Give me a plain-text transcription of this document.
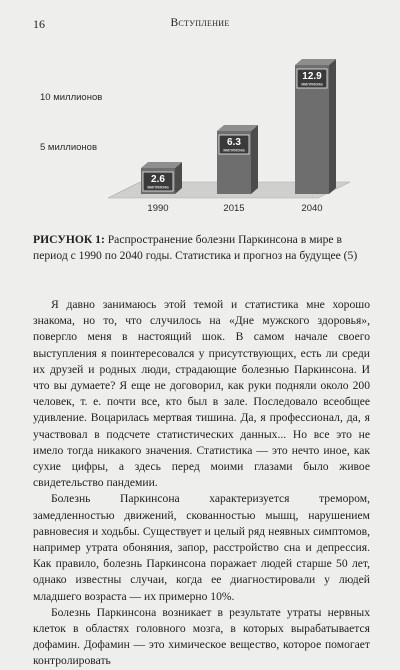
16	Вступление
5 миллионов
10 миллионов
2.6
миллиона
6.3
миллиона
12.9
миллиона
1990	2015	2040
РИСУНОК 1: Распространение болезни Паркинсона в мире в период с 1990 по 2040 годы. Статистика и прогноз на будущее (5)

Я давно занимаюсь этой темой и статистика мне хорошо знакома, но то, что случилось на «Дне мужского здоровья», повергло меня в настоящий шок. В самом начале своего выступления я поинтересовался у присутствующих, есть ли среди их друзей и родных люди, страдающие болезнью Паркинсона. И что вы думаете? Я еще не договорил, как руки подняли около 200 человек, т. е. почти все, кто был в зале. Последовало всеобщее удивление. Воцарилась мертвая тишина. Да, я профессионал, да, я участвовал в подсчете статистических данных... Но все это не имело тогда никакого значения. Статистика — это нечто иное, как сухие цифры, а здесь перед моими глазами было живое свидетельство пандемии.

Болезнь Паркинсона характеризуется тремором, замедленностью движений, скованностью мышц, нарушением равновесия и ходьбы. Существует и целый ряд неявных симптомов, например утрата обоняния, запор, расстройство сна и депрессия. Как правило, болезнь Паркинсона поражает людей старше 50 лет, однако известны случаи, когда ее диагностировали у людей младшего возраста — их примерно 10%.

Болезнь Паркинсона возникает в результате утраты нервных клеток в областях головного мозга, в которых вырабатывается дофамин. Дофамин — это химическое вещество, которое помогает контролировать
